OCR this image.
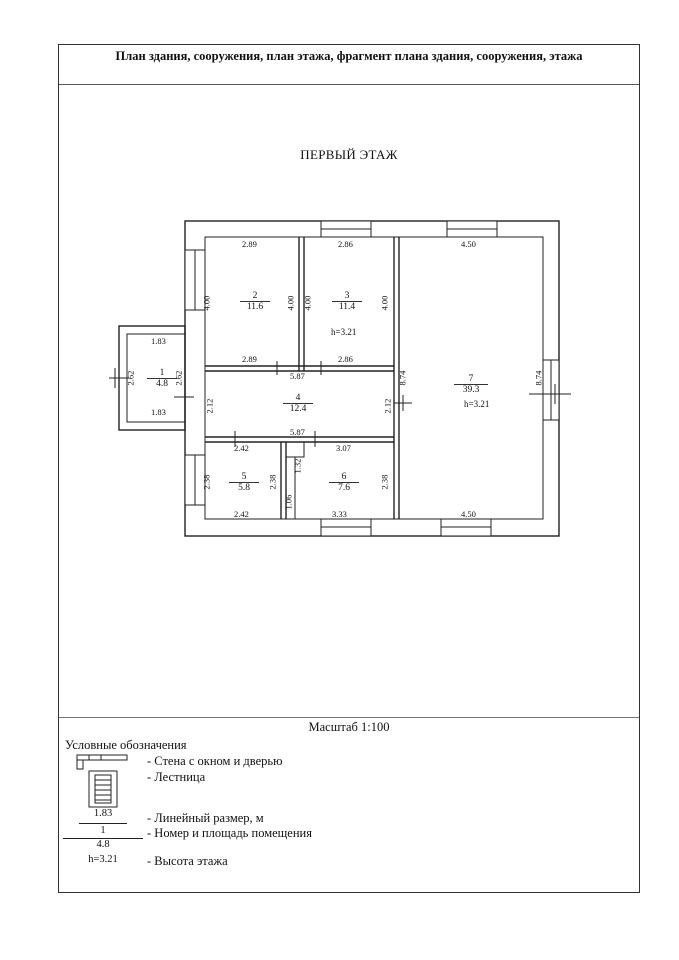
План здания, сооружения, план этажа, фрагмент плана здания, сооружения, этажа
ПЕРВЫЙ ЭТАЖ
1
4.8
2
11.6
3
11.4
4
12.4
5
5.8
6
7.6
7
39.3
h=3.21
h=3.21
2.89	2.86	4.50
4.00	4.00 4.00	4.00
1.83
1.83
2.62	2.62
2.89	2.86
5.87
5.87
2.12	2.12
8.74	8.74
2.42
2.42
2.38	2.38
3.07
3.33
2.38
1.32
1.06
4.50
Масштаб 1:100
Условные обозначения
- Стена с окном и дверью
- Лестница
1.83	- Линейный размер, м
1
4.8
- Номер и площадь помещения
h=3.21	- Высота этажа
